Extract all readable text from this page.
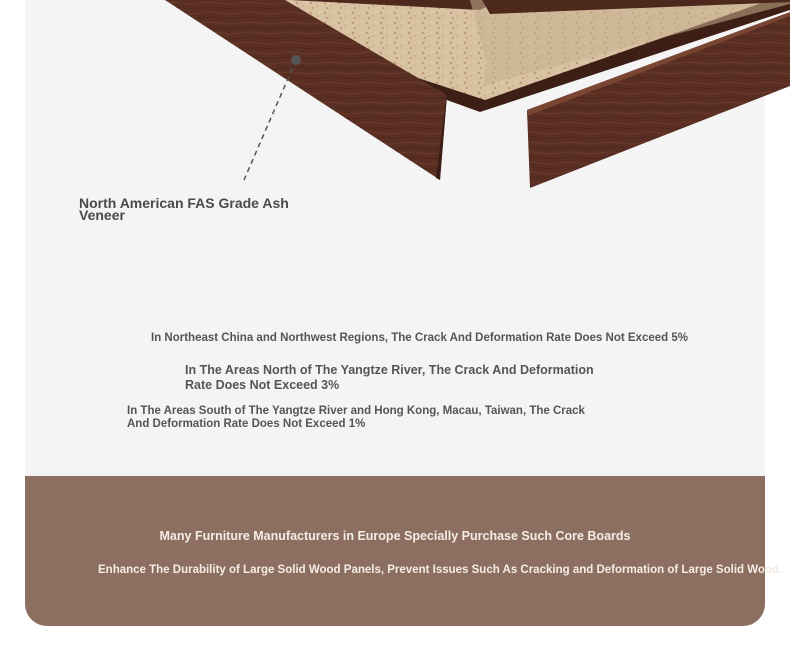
North American FAS Grade Ash Veneer
In Northeast China and Northwest Regions, The Crack And Deformation Rate Does Not Exceed 5%
In The Areas North of The Yangtze River, The Crack And Deformation Rate Does Not Exceed 3%
In The Areas South of The Yangtze River and Hong Kong, Macau, Taiwan, The Crack And Deformation Rate Does Not Exceed 1%
Many Furniture Manufacturers in Europe Specially Purchase Such Core Boards
Enhance The Durability of Large Solid Wood Panels, Prevent Issues Such As Cracking and Deformation of Large Solid Wood.
